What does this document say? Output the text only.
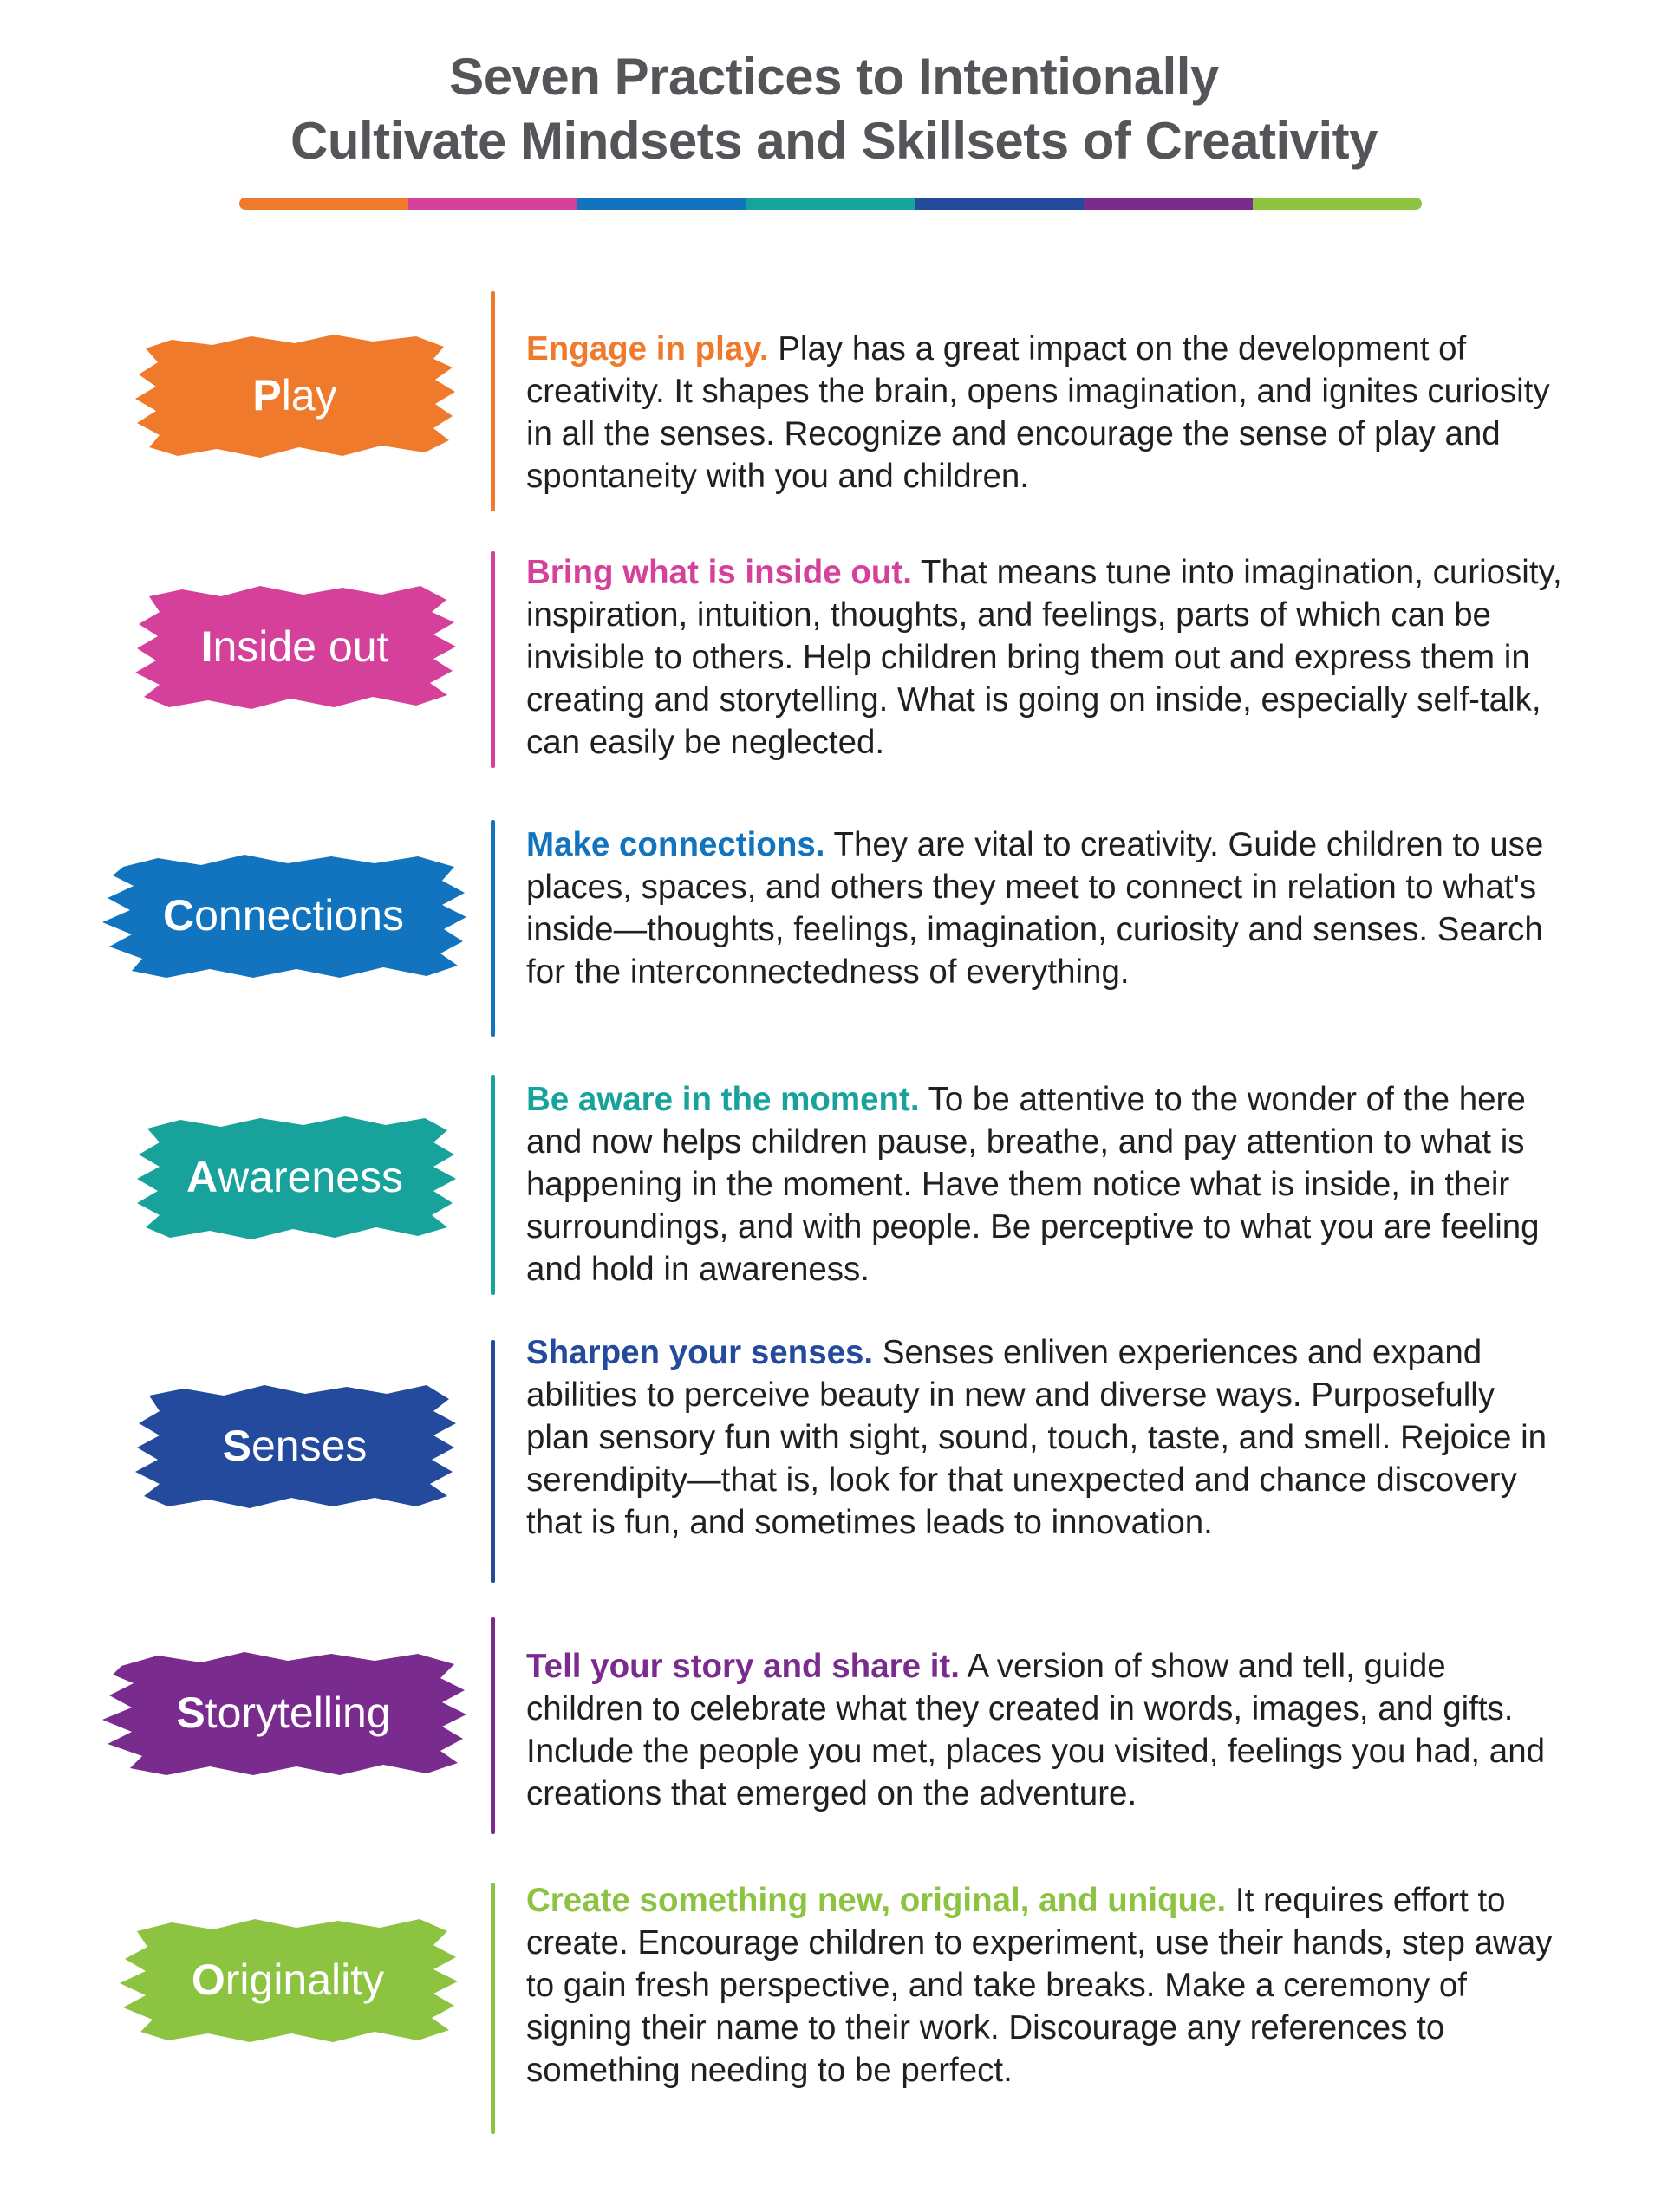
Seven Practices to Intentionally
Cultivate Mindsets and Skillsets of Creativity
P lay
Engage in play. Play has a great impact on the development of creativity. It shapes the brain, opens imagination, and ignites curiosity in all the senses. Recognize and encourage the sense of play and spontaneity with you and children.
I nside out
Bring what is inside out. That means tune into imagination, curiosity, inspiration, intuition, thoughts, and feelings, parts of which can be invisible to others. Help children bring them out and express them in creating and storytelling. What is going on inside, especially self-talk, can easily be neglected.
C onnections
Make connections. They are vital to creativity. Guide children to use places, spaces, and others they meet to connect in relation to what's inside—thoughts, feelings, imagination, curiosity and senses. Search for the interconnectedness of everything.
A wareness
Be aware in the moment. To be attentive to the wonder of the here and now helps children pause, breathe, and pay attention to what is happening in the moment. Have them notice what is inside, in their surroundings, and with people. Be perceptive to what you are feeling and hold in awareness.
S enses
Sharpen your senses. Senses enliven experiences and expand abilities to perceive beauty in new and diverse ways. Purposefully plan sensory fun with sight, sound, touch, taste, and smell. Rejoice in serendipity—that is, look for that unexpected and chance discovery that is fun, and sometimes leads to innovation.
S torytelling
Tell your story and share it. A version of show and tell, guide children to celebrate what they created in words, images, and gifts. Include the people you met, places you visited, feelings you had, and creations that emerged on the adventure.
O riginality
Create something new, original, and unique. It requires effort to create. Encourage children to experiment, use their hands, step away to gain fresh perspective, and take breaks. Make a ceremony of signing their name to their work. Discourage any references to something needing to be perfect.
